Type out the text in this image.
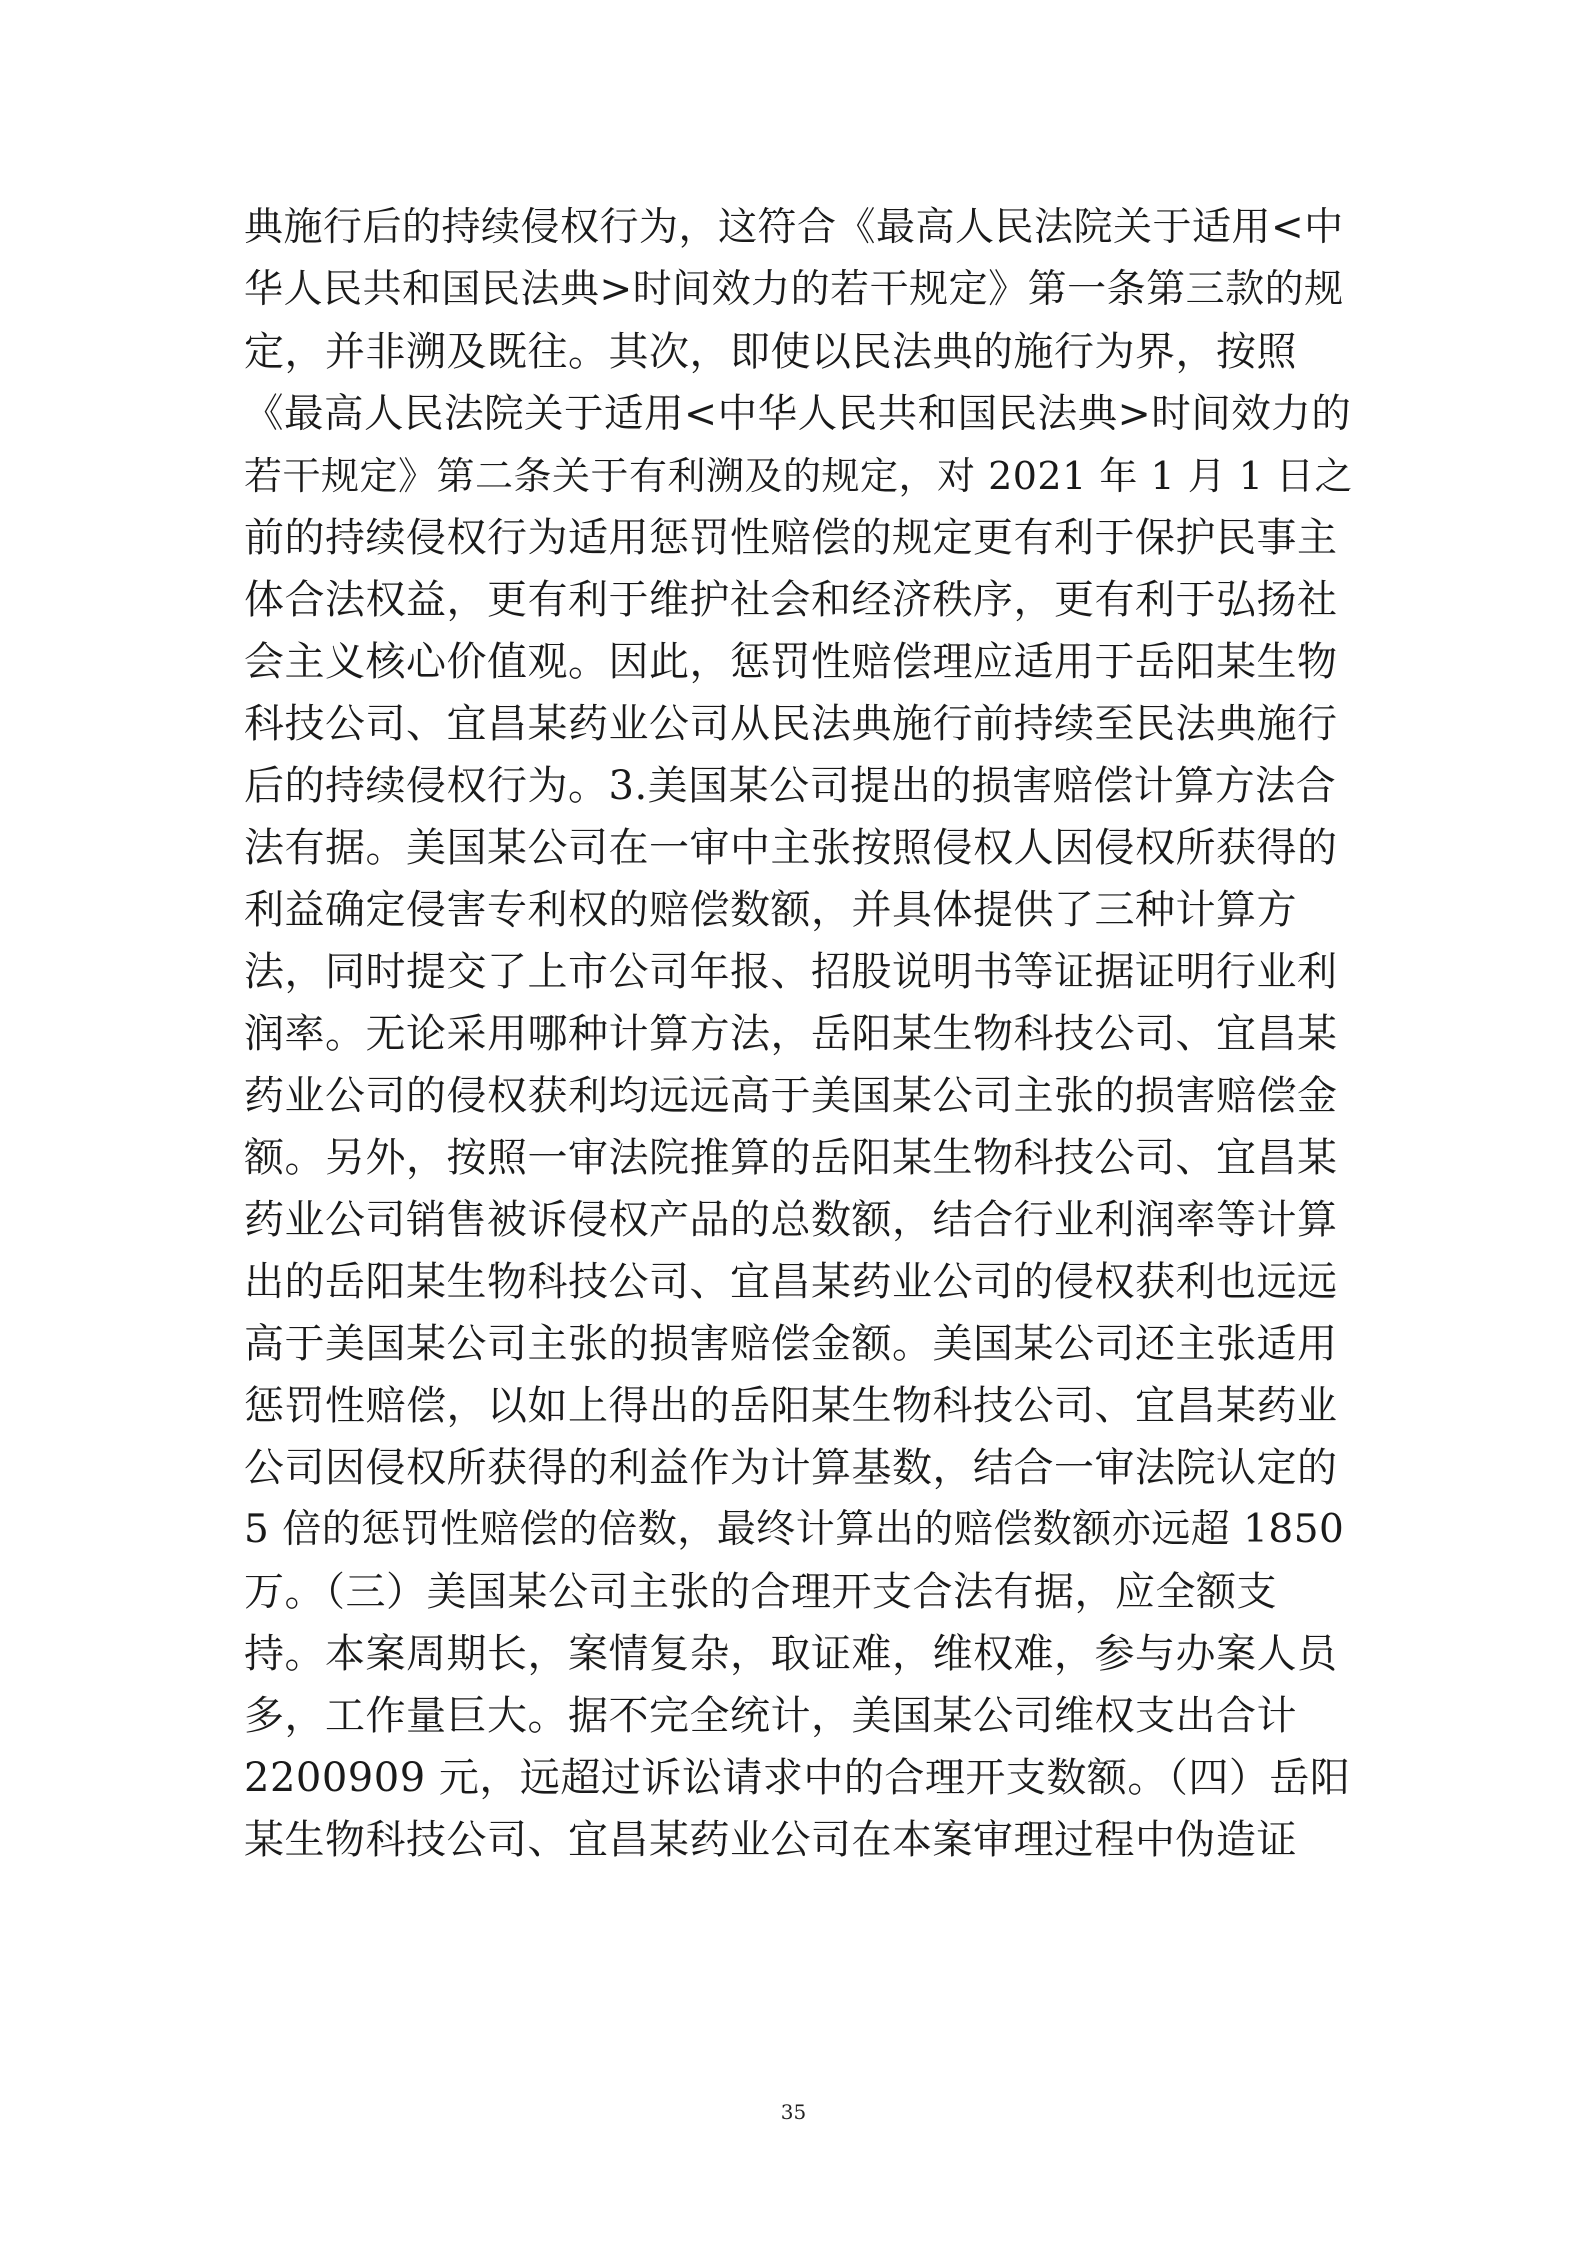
典施行后的持续侵权行为，这符合《最高人民法院关于适用<中
华人民共和国民法典>时间效力的若干规定》第一条第三款的规
定，并非溯及既往。其次，即使以民法典的施行为界，按照
《最高人民法院关于适用<中华人民共和国民法典>时间效力的
若干规定》第二条关于有利溯及的规定，对 2021 年 1 月 1 日之
前的持续侵权行为适用惩罚性赔偿的规定更有利于保护民事主
体合法权益，更有利于维护社会和经济秩序，更有利于弘扬社
会主义核心价值观。因此，惩罚性赔偿理应适用于岳阳某生物
科技公司、宜昌某药业公司从民法典施行前持续至民法典施行
后的持续侵权行为。3.美国某公司提出的损害赔偿计算方法合
法有据。美国某公司在一审中主张按照侵权人因侵权所获得的
利益确定侵害专利权的赔偿数额，并具体提供了三种计算方
法，同时提交了上市公司年报、招股说明书等证据证明行业利
润率。无论采用哪种计算方法，岳阳某生物科技公司、宜昌某
药业公司的侵权获利均远远高于美国某公司主张的损害赔偿金
额。另外，按照一审法院推算的岳阳某生物科技公司、宜昌某
药业公司销售被诉侵权产品的总数额，结合行业利润率等计算
出的岳阳某生物科技公司、宜昌某药业公司的侵权获利也远远
高于美国某公司主张的损害赔偿金额。美国某公司还主张适用
惩罚性赔偿，以如上得出的岳阳某生物科技公司、宜昌某药业
公司因侵权所获得的利益作为计算基数，结合一审法院认定的
5 倍的惩罚性赔偿的倍数，最终计算出的赔偿数额亦远超 1850
万。（三）美国某公司主张的合理开支合法有据，应全额支
持。本案周期长，案情复杂，取证难，维权难，参与办案人员
多，工作量巨大。据不完全统计，美国某公司维权支出合计
2200909 元，远超过诉讼请求中的合理开支数额。（四）岳阳
某生物科技公司、宜昌某药业公司在本案审理过程中伪造证
35
